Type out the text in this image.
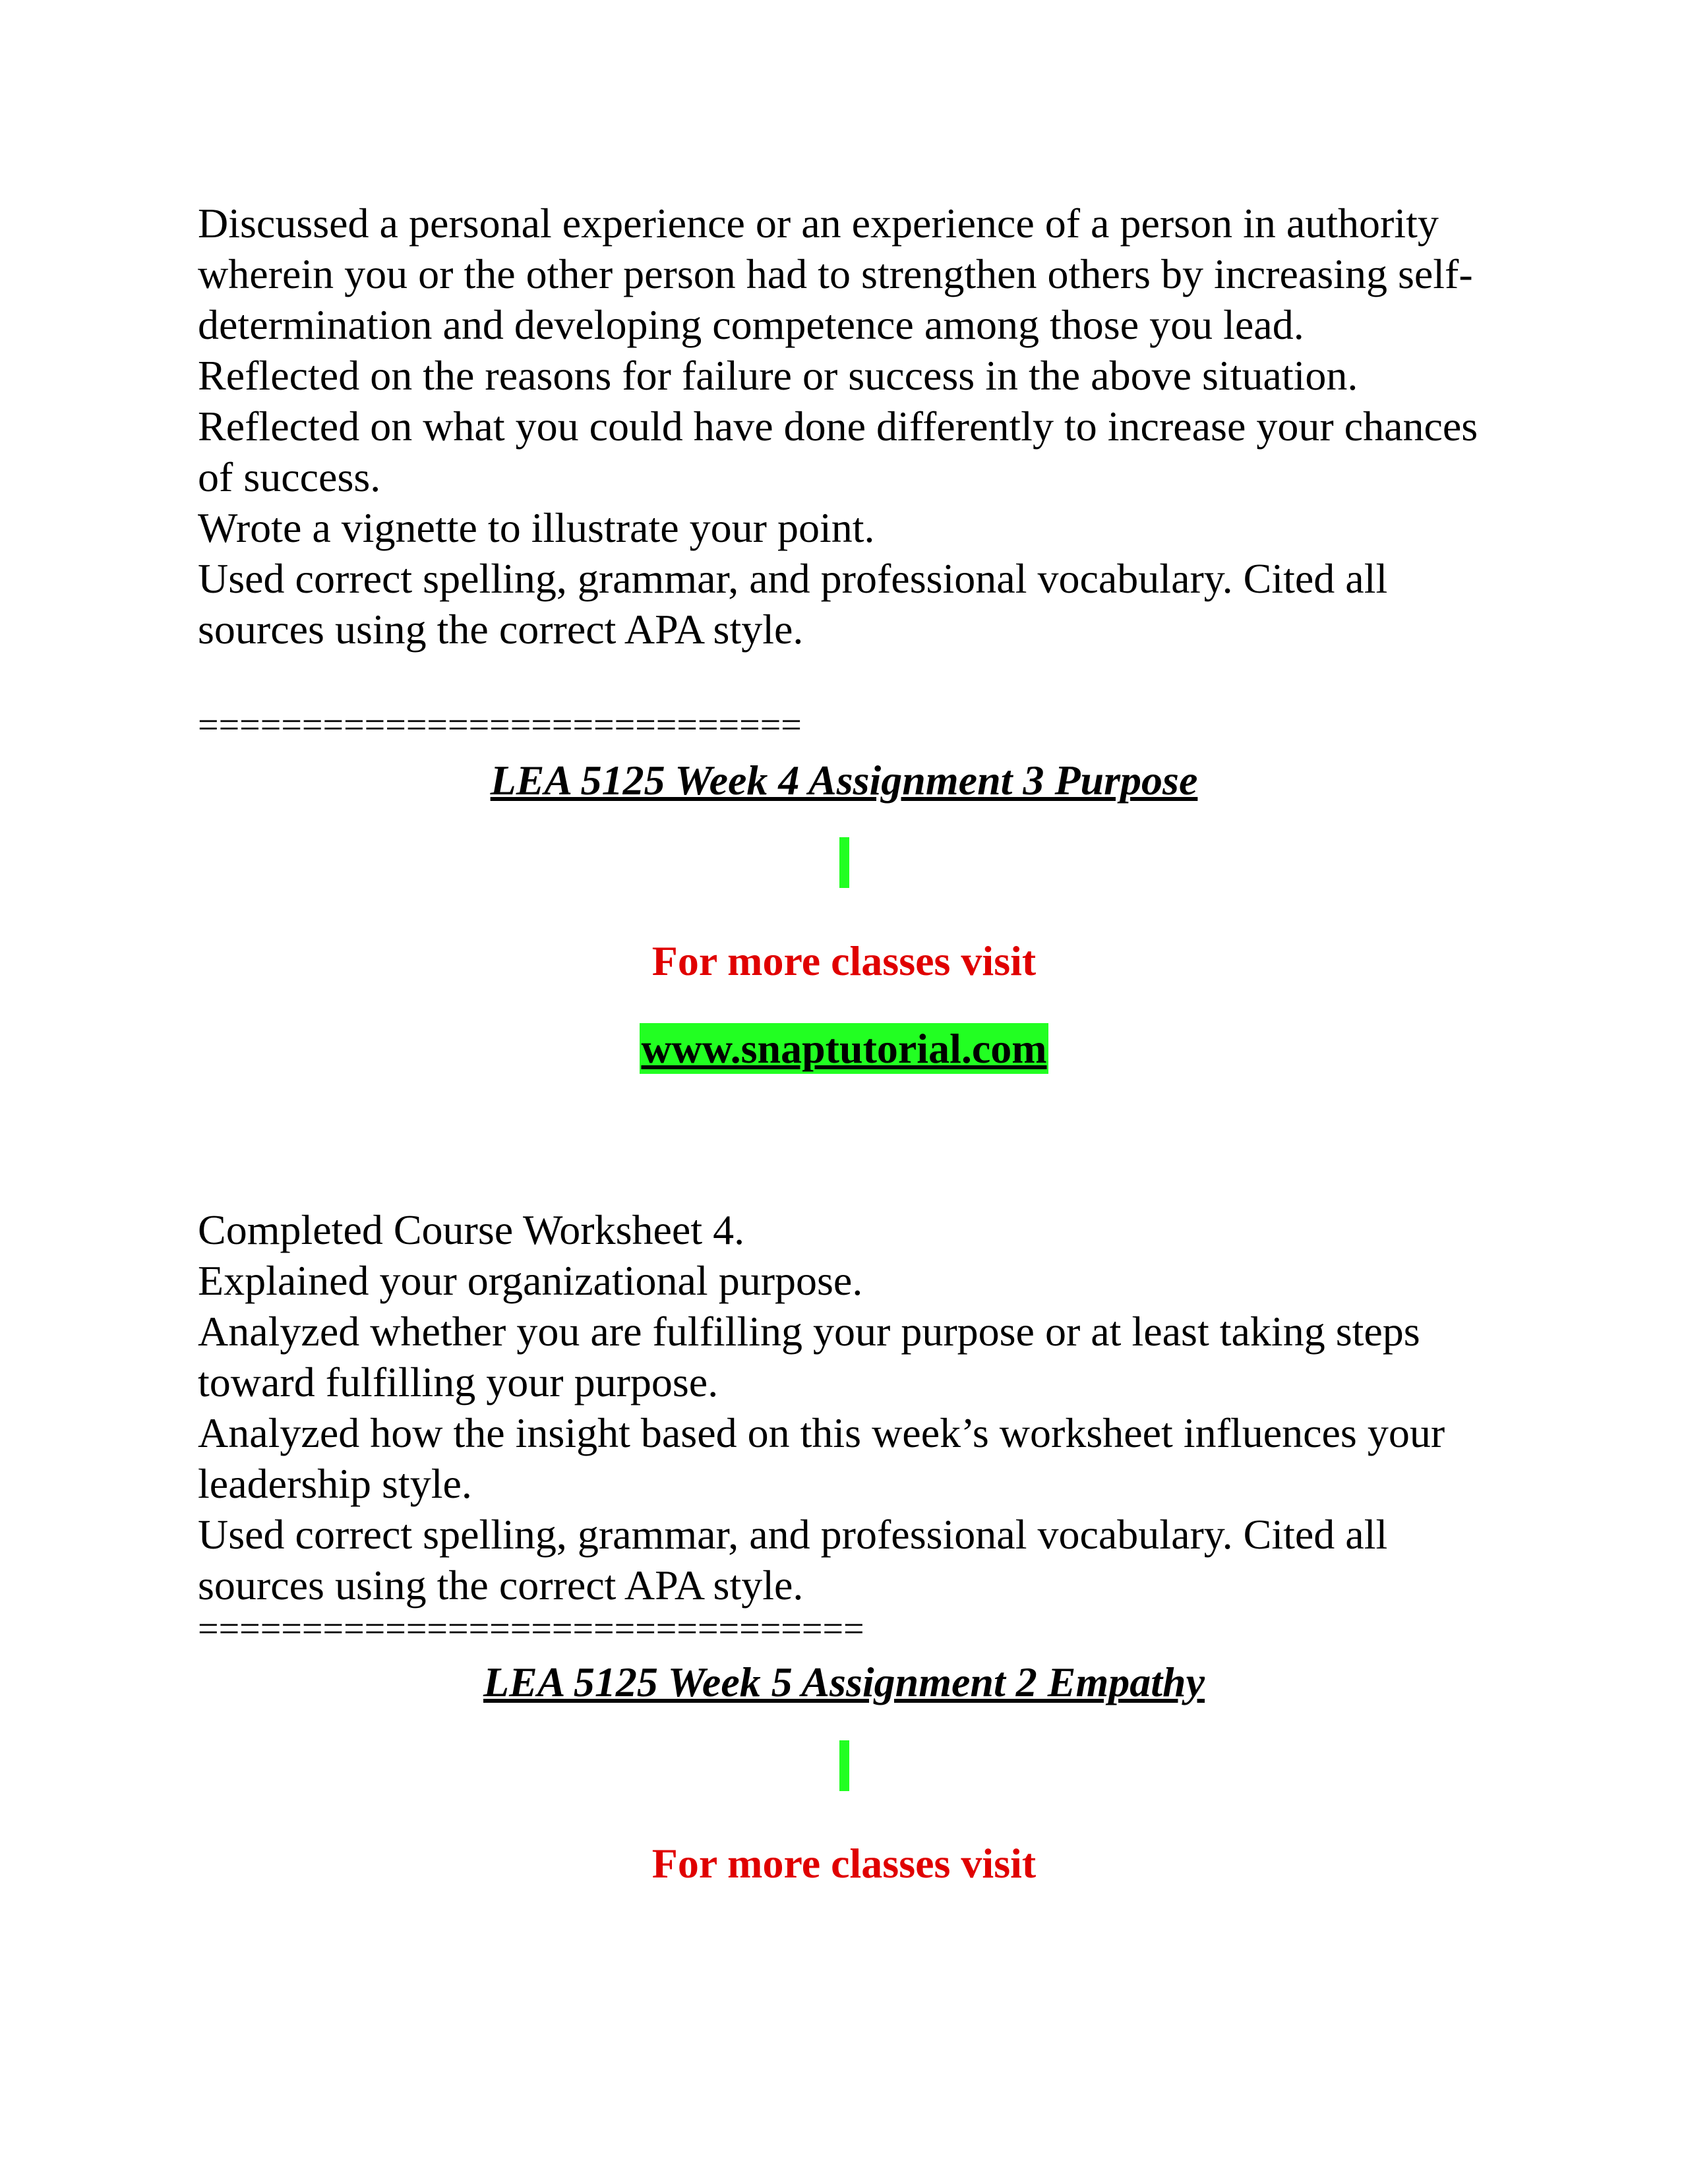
Discussed a personal experience or an experience of a person in authority wherein you or the other person had to strengthen others by increasing self-determination and developing competence among those you lead.

Reflected on the reasons for failure or success in the above situation.

Reflected on what you could have done differently to increase your chances of success.

Wrote a vignette to illustrate your point.

Used correct spelling, grammar, and professional vocabulary. Cited all sources using the correct APA style.

=============================
LEA 5125 Week 4 Assignment 3 Purpose
For more classes visit
www.snaptutorial.com

Completed Course Worksheet 4.

Explained your organizational purpose.

Analyzed whether you are fulfilling your purpose or at least taking steps toward fulfilling your purpose.

Analyzed how the insight based on this week’s worksheet influences your leadership style.

Used correct spelling, grammar, and professional vocabulary. Cited all sources using the correct APA style.

================================
LEA 5125 Week 5 Assignment 2 Empathy
For more classes visit
